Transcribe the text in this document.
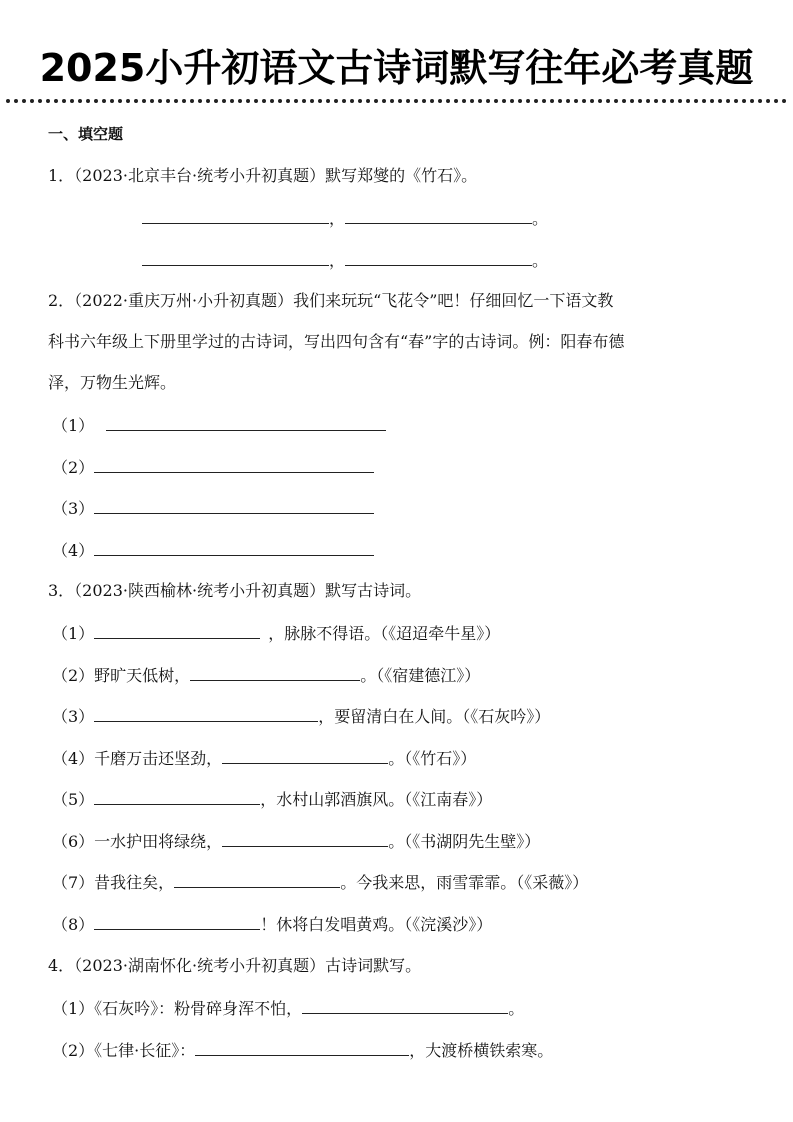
2025小升初语文古诗词默写往年必考真题
一、填空题
1．（2023·北京丰台·统考小升初真题）默写郑燮的《竹石》。
，	。
，	。
2．（2022·重庆万州·小升初真题）我们来玩玩“飞花令”吧！仔细回忆一下语文教
科书六年级上下册里学过的古诗词，写出四句含有“春”字的古诗词。例：阳春布德
泽，万物生光辉。
（1）
（2）
（3）
（4）
3．（2023·陕西榆林·统考小升初真题）默写古诗词。
（1）	，脉脉不得语。（《迢迢牵牛星》）
（2）野旷天低树，	。（《宿建德江》）
（3）	，要留清白在人间。（《石灰吟》）
（4）千磨万击还坚劲，	。（《竹石》）
（5）	，水村山郭酒旗风。（《江南春》）
（6）一水护田将绿绕，	。（《书湖阴先生壁》）
（7）昔我往矣，	。今我来思，雨雪霏霏。（《采薇》）
（8）	！休将白发唱黄鸡。（《浣溪沙》）
4．（2023·湖南怀化·统考小升初真题）古诗词默写。
（1）《石灰吟》：粉骨碎身浑不怕，	。
（2）《七律·长征》：	，大渡桥横铁索寒。
